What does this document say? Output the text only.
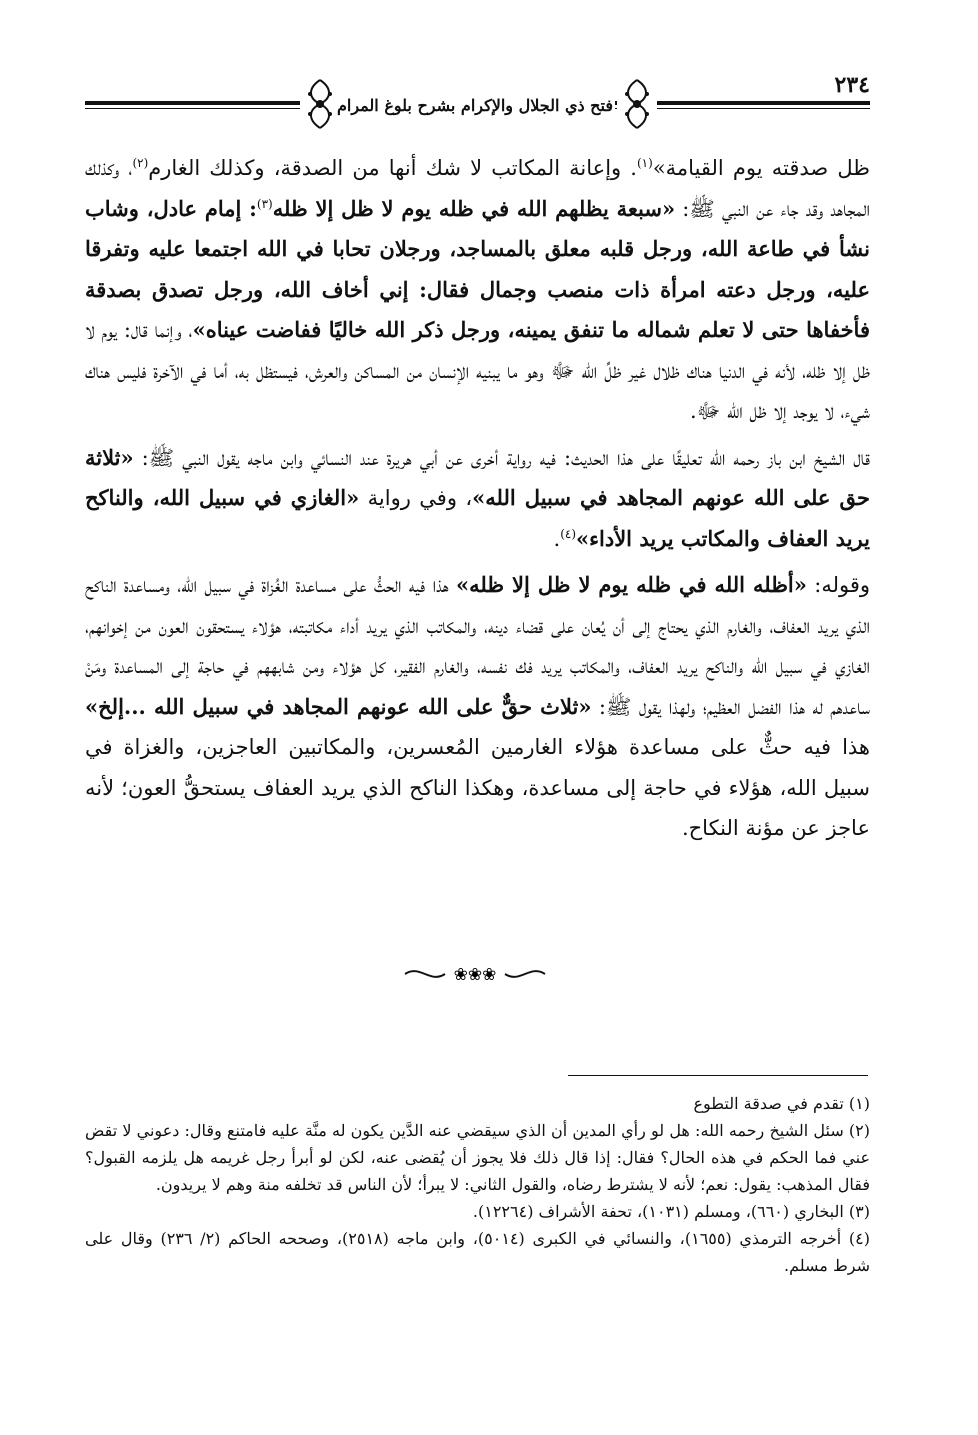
فتح ذي الجلال والإكرام بشرح بلوغ المرام
٢٣٤

ظل صدقته يوم القيامة»$^{(١)}$. وإعانة المكاتب لا شك أنها من الصدقة، وكذلك الغارم$^{(٢)}$، وكذلك المجاهد وقد جاء عن النبي ﷺ: «سبعة يظلهم الله في ظله يوم لا ظل إلا ظله$^{(٣)}$: إمام عادل، وشاب نشأ في طاعة الله، ورجل قلبه معلق بالمساجد، ورجلان تحابا في الله اجتمعا عليه وتفرقا عليه، ورجل دعته امرأة ذات منصب وجمال فقال: إني أخاف الله، ورجل تصدق بصدقة فأخفاها حتى لا تعلم شماله ما تنفق يمينه، ورجل ذكر الله خاليًا ففاضت عيناه»، وإنما قال: يوم لا ظل إلا ظله، لأنه في الدنيا هناك ظلال غير ظلِّ الله ﷻ وهو ما يبنيه الإنسان من المساكن والعرش، فيستظل به، أما في الآخرة فليس هناك شيء، لا يوجد إلا ظل الله ﷻ.

قال الشيخ ابن باز رحمه الله تعليقًا على هذا الحديث: فيه رواية أخرى عن أبي هريرة عند النسائي وابن ماجه يقول النبي ﷺ: «ثلاثة حق على الله عونهم المجاهد في سبيل الله»، وفي رواية «الغازي في سبيل الله، والناكح يريد العفاف والمكاتب يريد الأداء»$^{(٤)}$.

وقوله: «أظله الله في ظله يوم لا ظل إلا ظله» هذا فيه الحثُّ على مساعدة الغُزاة في سبيل الله، ومساعدة الناكح الذي يريد العفاف، والغارم الذي يحتاج إلى أن يُعان على قضاء دينه، والمكاتب الذي يريد أداء مكاتبته، هؤلاء يستحقون العون من إخوانهم، الغازي في سبيل الله والناكح يريد العفاف، والمكاتب يريد فك نفسه، والغارم الفقير، كل هؤلاء ومن شابههم في حاجة إلى المساعدة ومَنْ ساعدهم له هذا الفضل العظيم؛ ولهذا يقول ﷺ: «ثلاث حقٌّ على الله عونهم المجاهد في سبيل الله ...إلخ» هذا فيه حثٌّ على مساعدة هؤلاء الغارمين المُعسرين، والمكاتبين العاجزين، والغزاة في سبيل الله، هؤلاء في حاجة إلى مساعدة، وهكذا الناكح الذي يريد العفاف يستحقُّ العون؛ لأنه عاجز عن مؤنة النكاح.

❀❀❀

(١) تقدم في صدقة التطوع

(٢) سئل الشيخ رحمه الله: هل لو رأي المدين أن الذي سيقضي عنه الدَّين يكون له منَّة عليه فامتنع وقال: دعوني لا تقض عني فما الحكم في هذه الحال؟ فقال: إذا قال ذلك فلا يجوز أن يُقضى عنه، لكن لو أبرأ رجل غريمه هل يلزمه القبول؟ فقال المذهب: يقول: نعم؛ لأنه لا يشترط رضاه، والقول الثاني: لا يبرأ؛ لأن الناس قد تخلفه منة وهم لا يريدون.

(٣) البخاري (٦٦٠)، ومسلم (١٠٣١)، تحفة الأشراف (١٢٢٦٤).

(٤) أخرجه الترمذي (١٦٥٥)، والنسائي في الكبرى (٥٠١٤)، وابن ماجه (٢٥١٨)، وصححه الحاكم (٢/ ٢٣٦) وقال على شرط مسلم.
